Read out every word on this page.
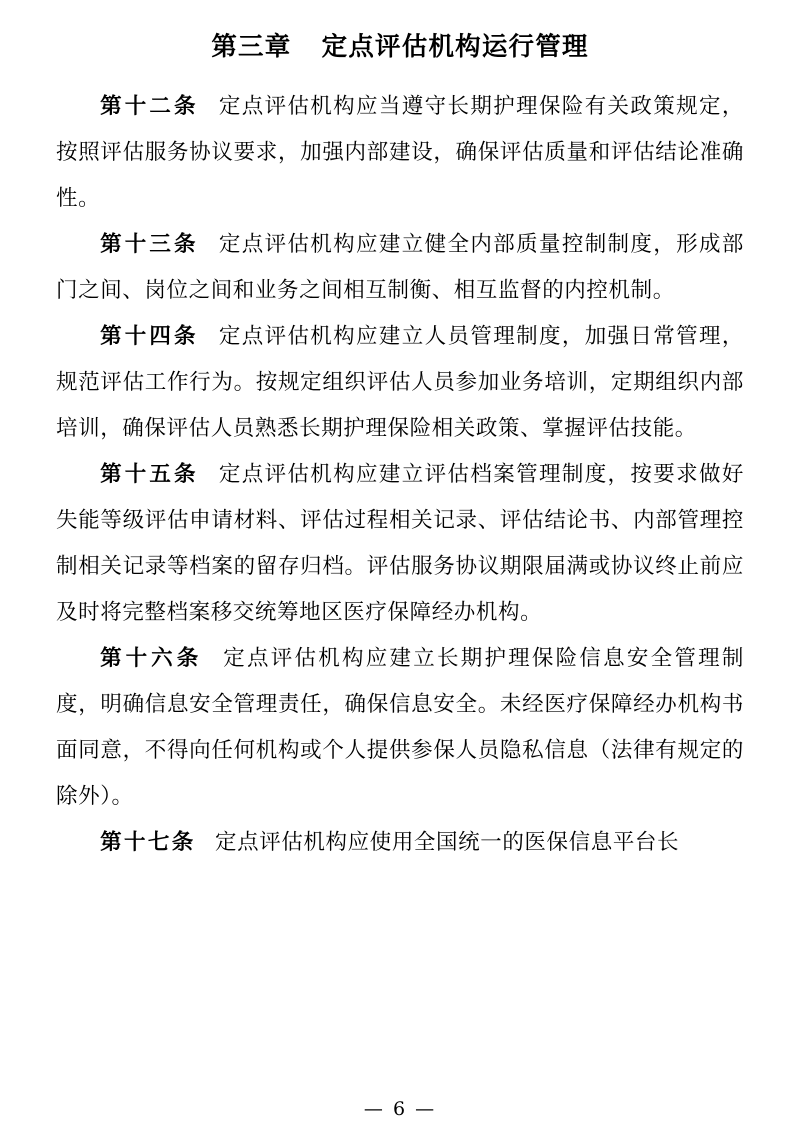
第三章   定点评估机构运行管理

第十二条 定点评估机构应当遵守长期护理保险有关政策规定，按照评估服务协议要求，加强内部建设，确保评估质量和评估结论准确性。

第十三条 定点评估机构应建立健全内部质量控制制度，形成部门之间、岗位之间和业务之间相互制衡、相互监督的内控机制。

第十四条 定点评估机构应建立人员管理制度，加强日常管理，规范评估工作行为。按规定组织评估人员参加业务培训，定期组织内部培训，确保评估人员熟悉长期护理保险相关政策、掌握评估技能。

第十五条 定点评估机构应建立评估档案管理制度，按要求做好失能等级评估申请材料、评估过程相关记录、评估结论书、内部管理控制相关记录等档案的留存归档。评估服务协议期限届满或协议终止前应及时将完整档案移交统筹地区医疗保障经办机构。

第十六条 定点评估机构应建立长期护理保险信息安全管理制度，明确信息安全管理责任，确保信息安全。未经医疗保障经办机构书面同意，不得向任何机构或个人提供参保人员隐私信息（法律有规定的除外）。

第十七条 定点评估机构应使用全国统一的医保信息平台长

— 6 —
